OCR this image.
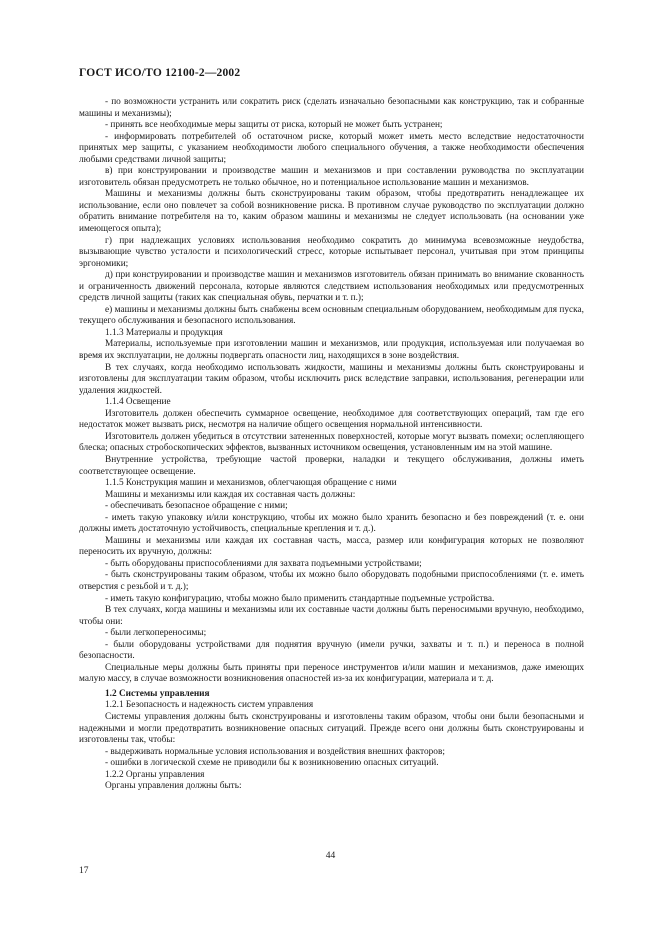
ГОСТ ИСО/ТО 12100-2—2002

- по возможности устранить или сократить риск (сделать изначально безопасными как конструкцию, так и собранные машины и механизмы);

- принять все необходимые меры защиты от риска, который не может быть устранен;

- информировать потребителей об остаточном риске, который может иметь место вследствие недостаточности принятых мер защиты, с указанием необходимости любого специального обучения, а также необходимости обеспечения любыми средствами личной защиты;

в) при конструировании и производстве машин и механизмов и при составлении руководства по эксплуатации изготовитель обязан предусмотреть не только обычное, но и потенциальное использование машин и механизмов.

Машины и механизмы должны быть сконструированы таким образом, чтобы предотвратить ненадлежащее их использование, если оно повлечет за собой возникновение риска. В противном случае руководство по эксплуатации должно обратить внимание потребителя на то, каким образом машины и механизмы не следует использовать (на основании уже имеющегося опыта);

г) при надлежащих условиях использования необходимо сократить до минимума всевозможные неудобства, вызывающие чувство усталости и психологический стресс, которые испытывает персонал, учитывая при этом принципы эргономики;

д) при конструировании и производстве машин и механизмов изготовитель обязан принимать во внимание скованность и ограниченность движений персонала, которые являются следствием использования необходимых или предусмотренных средств личной защиты (таких как специальная обувь, перчатки и т. п.);

е) машины и механизмы должны быть снабжены всем основным специальным оборудованием, необходимым для пуска, текущего обслуживания и безопасного использования.

1.1.3 Материалы и продукция

Материалы, используемые при изготовлении машин и механизмов, или продукция, используемая или получаемая во время их эксплуатации, не должны подвергать опасности лиц, находящихся в зоне воздействия.

В тех случаях, когда необходимо использовать жидкости, машины и механизмы должны быть сконструированы и изготовлены для эксплуатации таким образом, чтобы исключить риск вследствие заправки, использования, регенерации или удаления жидкостей.

1.1.4 Освещение

Изготовитель должен обеспечить суммарное освещение, необходимое для соответствующих операций, там где его недостаток может вызвать риск, несмотря на наличие общего освещения нормальной интенсивности.

Изготовитель должен убедиться в отсутствии затененных поверхностей, которые могут вызвать помехи; ослепляющего блеска; опасных стробоскопических эффектов, вызванных источником освещения, установленным им на этой машине.

Внутренние устройства, требующие частой проверки, наладки и текущего обслуживания, должны иметь соответствующее освещение.

1.1.5 Конструкция машин и механизмов, облегчающая обращение с ними

Машины и механизмы или каждая их составная часть должны:

- обеспечивать безопасное обращение с ними;

- иметь такую упаковку и/или конструкцию, чтобы их можно было хранить безопасно и без повреждений (т. е. они должны иметь достаточную устойчивость, специальные крепления и т. д.).

Машины и механизмы или каждая их составная часть, масса, размер или конфигурация которых не позволяют переносить их вручную, должны:

- быть оборудованы приспособлениями для захвата подъемными устройствами;

- быть сконструированы таким образом, чтобы их можно было оборудовать подобными приспособлениями (т. е. иметь отверстия с резьбой и т. д.);

- иметь такую конфигурацию, чтобы можно было применить стандартные подъемные устройства.

В тех случаях, когда машины и механизмы или их составные части должны быть переносимыми вручную, необходимо, чтобы они:

- были легкопереносимы;

- были оборудованы устройствами для поднятия вручную (имели ручки, захваты и т. п.) и переноса в полной безопасности.

Специальные меры должны быть приняты при переносе инструментов и/или машин и механизмов, даже имеющих малую массу, в случае возможности возникновения опасностей из-за их конфигурации, материала и т. д.

1.2 Системы управления

1.2.1 Безопасность и надежность систем управления

Системы управления должны быть сконструированы и изготовлены таким образом, чтобы они были безопасными и надежными и могли предотвратить возникновение опасных ситуаций. Прежде всего они должны быть сконструированы и изготовлены так, чтобы:

- выдерживать нормальные условия использования и воздействия внешних факторов;

- ошибки в логической схеме не приводили бы к возникновению опасных ситуаций.

1.2.2 Органы управления

Органы управления должны быть:

44
17
